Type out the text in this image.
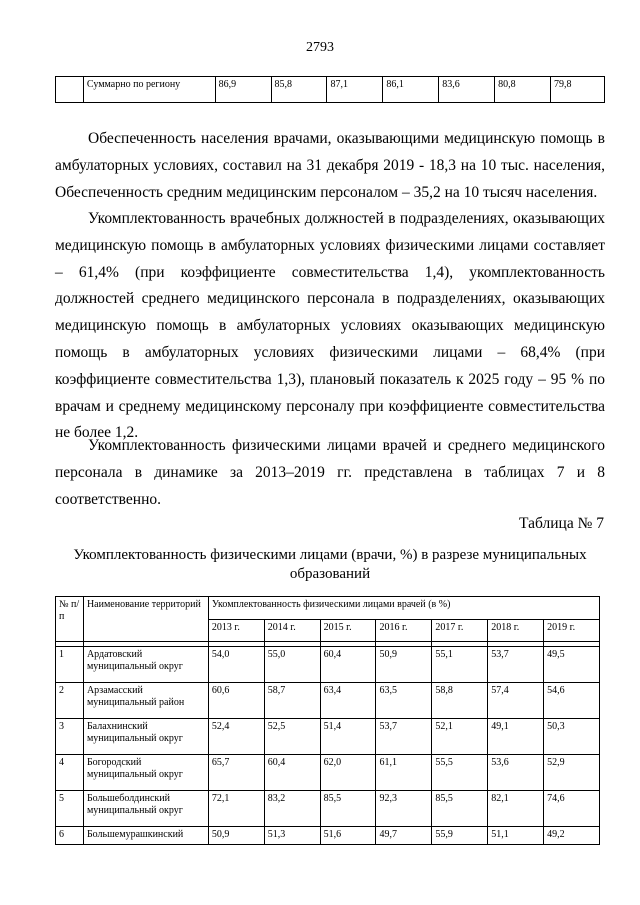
2793
	Суммарно по региону	86,9	85,8	87,1	86,1	83,6	80,8	79,8

Обеспеченность населения врачами, оказывающими медицинскую помощь в амбулаторных условиях, составил на 31 декабря 2019 - 18,3 на 10 тыс. населения, Обеспеченность средним медицинским персоналом – 35,2 на 10 тысяч населения.

Укомплектованность врачебных должностей в подразделениях, оказывающих медицинскую помощь в амбулаторных условиях физическими лицами составляет – 61,4% (при коэффициенте совместительства 1,4), укомплектованность должностей среднего медицинского персонала в подразделениях, оказывающих медицинскую помощь в амбулаторных условиях оказывающих медицинскую помощь в амбулаторных условиях физическими лицами – 68,4% (при коэффициенте совместительства 1,3), плановый показатель к 2025 году – 95 % по врачам и среднему медицинскому персоналу при коэффициенте совместительства не более 1,2.

Укомплектованность физическими лицами врачей и среднего медицинского персонала в динамике за 2013–2019 гг. представлена в таблицах 7 и 8 соответственно.

Таблица № 7
Укомплектованность физическими лицами (врачи, %) в разрезе муниципальных образований
№ п/п	Наименование территорий	Укомплектованность физическими лицами врачей (в %)						
		2013 г.	2014 г.	2015 г.	2016 г.	2017 г.	2018 г.	2019 г.

1	Ардатовский муниципальный округ	54,0	55,0	60,4	50,9	55,1	53,7	49,5
2	Арзамасский муниципальный район	60,6	58,7	63,4	63,5	58,8	57,4	54,6
3	Балахнинский муниципальный округ	52,4	52,5	51,4	53,7	52,1	49,1	50,3
4	Богородский муниципальный округ	65,7	60,4	62,0	61,1	55,5	53,6	52,9
5	Большеболдинский муниципальный округ	72,1	83,2	85,5	92,3	85,5	82,1	74,6
6	Большемурашкинский	50,9	51,3	51,6	49,7	55,9	51,1	49,2
